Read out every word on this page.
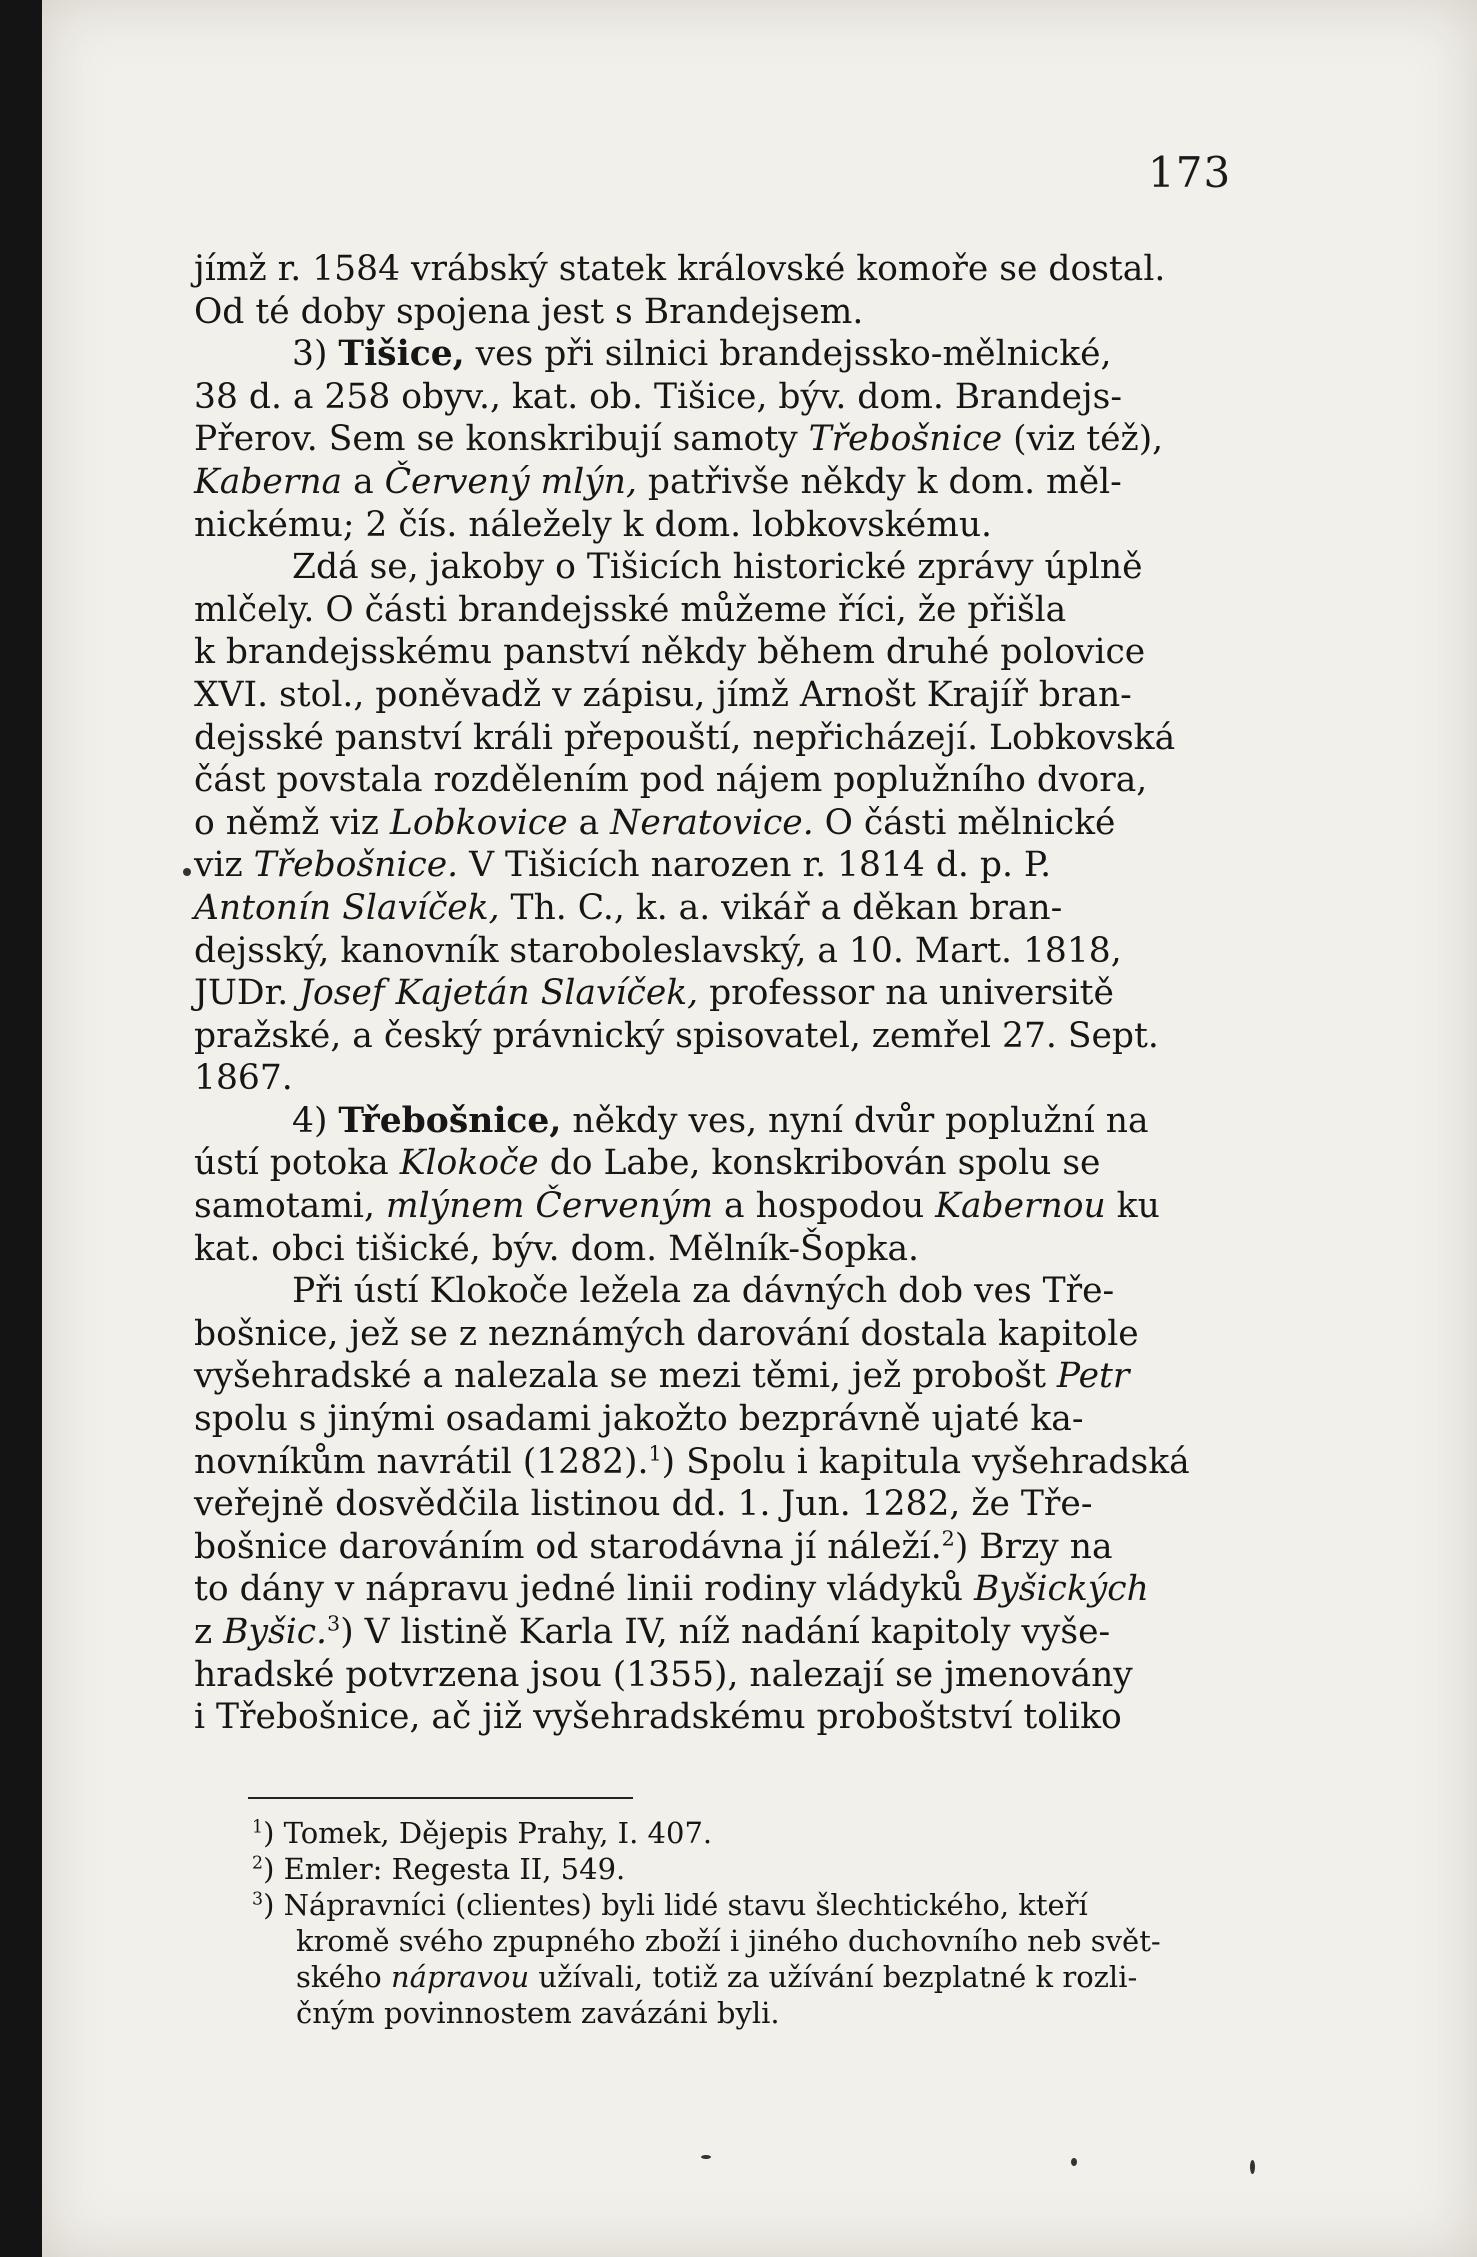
173
jímž r. 1584 vrábský statek královské komoře se dostal.
Od té doby spojena jest s Brandejsem.
3) Tišice, ves při silnici brandejssko-mělnické,
38 d. a 258 obyv., kat. ob. Tišice, býv. dom. Brandejs-
Přerov. Sem se konskribují samoty Třebošnice (viz též),
Kaberna a Červený mlýn, patřivše někdy k dom. měl-
nickému; 2 čís. náležely k dom. lobkovskému.
Zdá se, jakoby o Tišicích historické zprávy úplně
mlčely. O části brandejsské můžeme říci, že přišla
k brandejsskému panství někdy během druhé polovice
XVI. stol., poněvadž v zápisu, jímž Arnošt Krajíř bran-
dejsské panství králi přepouští, nepřicházejí. Lobkovská
část povstala rozdělením pod nájem poplužního dvora,
o němž viz Lobkovice a Neratovice. O části mělnické
viz Třebošnice. V Tišicích narozen r. 1814 d. p. P.
Antonín Slavíček, Th. C., k. a. vikář a děkan bran-
dejsský, kanovník staroboleslavský, a 10. Mart. 1818,
JUDr. Josef Kajetán Slavíček, professor na universitě
pražské, a český právnický spisovatel, zemřel 27. Sept.
1867.
4) Třebošnice, někdy ves, nyní dvůr poplužní na
ústí potoka Klokoče do Labe, konskribován spolu se
samotami, mlýnem Červeným a hospodou Kabernou ku
kat. obci tišické, býv. dom. Mělník-Šopka.
Při ústí Klokoče ležela za dávných dob ves Tře-
bošnice, jež se z neznámých darování dostala kapitole
vyšehradské a nalezala se mezi těmi, jež probošt Petr
spolu s jinými osadami jakožto bezprávně ujaté ka-
novníkům navrátil (1282).$^1$) Spolu i kapitula vyšehradská
veřejně dosvědčila listinou dd. 1. Jun. 1282, že Tře-
bošnice darováním od starodávna jí náleží.$^2$) Brzy na
to dány v nápravu jedné linii rodiny vládyků Byšických
z Byšic.$^3$) V listině Karla IV, níž nadání kapitoly vyše-
hradské potvrzena jsou (1355), nalezají se jmenovány
i Třebošnice, ač již vyšehradskému proboštství toliko
$^1$) Tomek, Dějepis Prahy, I. 407.
$^2$) Emler: Regesta II, 549.
$^3$) Nápravníci (clientes) byli lidé stavu šlechtického, kteří
kromě svého zpupného zboží i jiného duchovního neb svět-
ského nápravou užívali, totiž za užívání bezplatné k rozli-
čným povinnostem zavázáni byli.
